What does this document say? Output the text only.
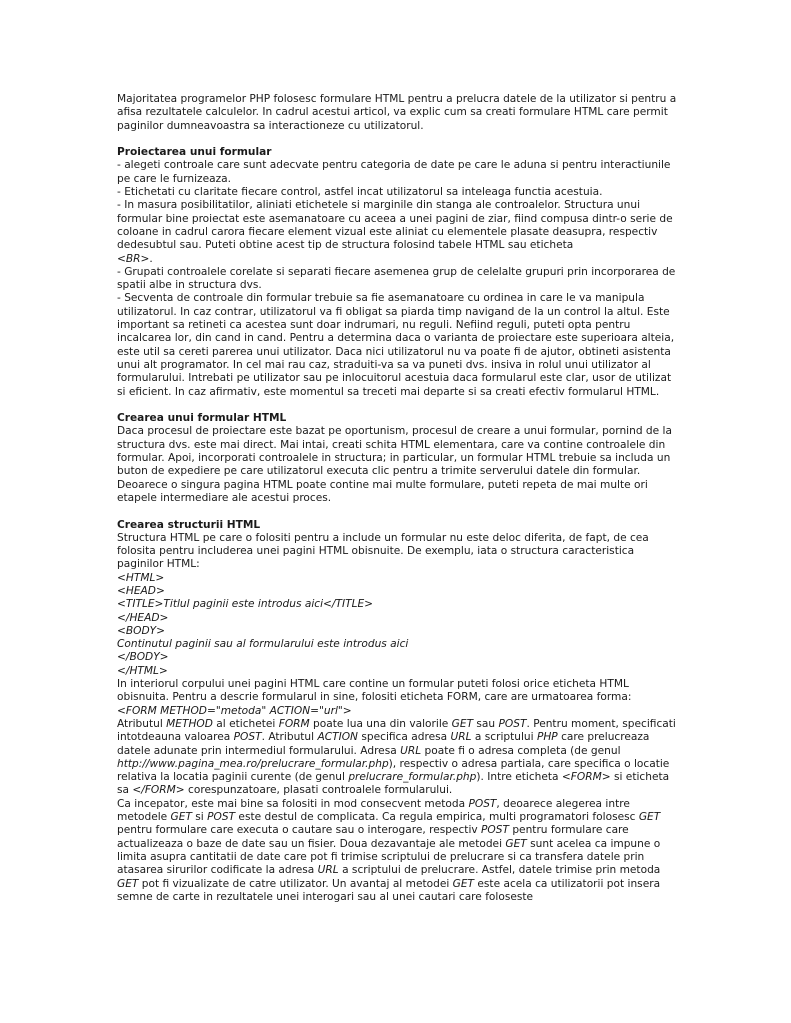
Majoritatea programelor PHP folosesc formulare HTML pentru a prelucra datele de la utilizator si pentru a afisa rezultatele calculelor. In cadrul acestui articol, va explic cum sa creati formulare HTML care permit paginilor dumneavoastra sa interactioneze cu utilizatorul.

Proiectarea unui formular

- alegeti controale care sunt adecvate pentru categoria de date pe care le aduna si pentru interactiunile pe care le furnizeaza.

- Etichetati cu claritate fiecare control, astfel incat utilizatorul sa inteleaga functia acestuia.

- In masura posibilitatilor, aliniati etichetele si marginile din stanga ale controalelor. Structura unui formular bine proiectat este asemanatoare cu aceea a unei pagini de ziar, fiind compusa dintr-o serie de coloane in cadrul carora fiecare element vizual este aliniat cu elementele plasate deasupra, respectiv dedesubtul sau. Puteti obtine acest tip de structura folosind tabele HTML sau eticheta
<BR>.

- Grupati controalele corelate si separati fiecare asemenea grup de celelalte grupuri prin incorporarea de spatii albe in structura dvs.

- Secventa de controale din formular trebuie sa fie asemanatoare cu ordinea in care le va manipula utilizatorul. In caz contrar, utilizatorul va fi obligat sa piarda timp navigand de la un control la altul. Este important sa retineti ca acestea sunt doar indrumari, nu reguli. Nefiind reguli, puteti opta pentru incalcarea lor, din cand in cand. Pentru a determina daca o varianta de proiectare este superioara alteia, este util sa cereti parerea unui utilizator. Daca nici utilizatorul nu va poate fi de ajutor, obtineti asistenta unui alt programator. In cel mai rau caz, straduiti-va sa va puneti dvs. insiva in rolul unui utilizator al formularului. Intrebati pe utilizator sau pe inlocuitorul acestuia daca formularul este clar, usor de utilizat si eficient. In caz afirmativ, este momentul sa treceti mai departe si sa creati efectiv formularul HTML.

Crearea unui formular HTML

Daca procesul de proiectare este bazat pe oportunism, procesul de creare a unui formular, pornind de la structura dvs. este mai direct. Mai intai, creati schita HTML elementara, care va contine controalele din formular. Apoi, incorporati controalele in structura; in particular, un formular HTML trebuie sa includa un buton de expediere pe care utilizatorul executa clic pentru a trimite serverului datele din formular. Deoarece o singura pagina HTML poate contine mai multe formulare, puteti repeta de mai multe ori etapele intermediare ale acestui proces.

Crearea structurii HTML

Structura HTML pe care o folositi pentru a include un formular nu este deloc diferita, de fapt, de cea folosita pentru includerea unei pagini HTML obisnuite. De exemplu, iata o structura caracteristica paginilor HTML:

<HTML>

<HEAD>

<TITLE>Titlul paginii este introdus aici</TITLE>

</HEAD>

<BODY>

Continutul paginii sau al formularului este introdus aici

</BODY>

</HTML>

In interiorul corpului unei pagini HTML care contine un formular puteti folosi orice eticheta HTML obisnuita. Pentru a descrie formularul in sine, folositi eticheta FORM, care are urmatoarea forma:

<FORM METHOD="metoda" ACTION="url">

Atributul METHOD al etichetei FORM poate lua una din valorile GET sau POST. Pentru moment, specificati intotdeauna valoarea POST. Atributul ACTION specifica adresa URL a scriptului PHP care prelucreaza datele adunate prin intermediul formularului. Adresa URL poate fi o adresa completa (de genul http://www.pagina_mea.ro/prelucrare_formular.php), respectiv o adresa partiala, care specifica o locatie relativa la locatia paginii curente (de genul prelucrare_formular.php). Intre eticheta <FORM> si eticheta sa </FORM> corespunzatoare, plasati controalele formularului.

Ca incepator, este mai bine sa folositi in mod consecvent metoda POST, deoarece alegerea intre metodele GET si POST este destul de complicata. Ca regula empirica, multi programatori folosesc GET pentru formulare care executa o cautare sau o interogare, respectiv POST pentru formulare care actualizeaza o baze de date sau un fisier. Doua dezavantaje ale metodei GET sunt acelea ca impune o limita asupra cantitatii de date care pot fi trimise scriptului de prelucrare si ca transfera datele prin atasarea sirurilor codificate la adresa URL a scriptului de prelucrare. Astfel, datele trimise prin metoda GET pot fi vizualizate de catre utilizator. Un avantaj al metodei GET este acela ca utilizatorii pot insera semne de carte in rezultatele unei interogari sau al unei cautari care foloseste
